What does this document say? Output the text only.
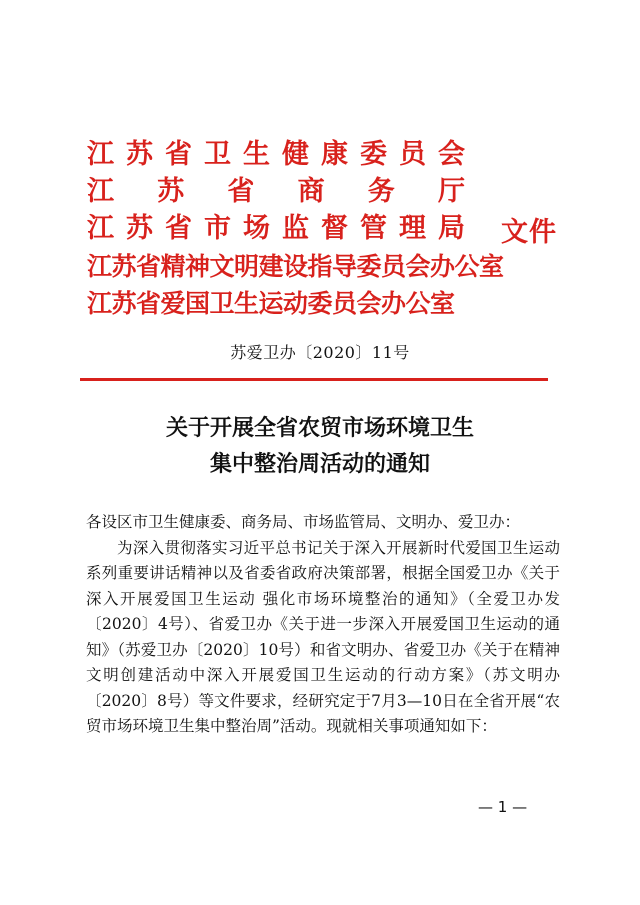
江 苏 省 卫 生 健 康 委 员 会
江 苏 省 商 务 厅
江 苏 省 市 场 监 督 管 理 局 文件
江苏省精神文明建设指导委员会办公室
江苏省爱国卫生运动委员会办公室
苏爱卫办〔2020〕11号
关于开展全省农贸市场环境卫生
集中整治周活动的通知

各设区市卫生健康委、商务局、市场监管局、文明办、爱卫办：

为深入贯彻落实习近平总书记关于深入开展新时代爱国卫生运动系列重要讲话精神以及省委省政府决策部署，根据全国爱卫办《关于深入开展爱国卫生运动 强化市场环境整治的通知》（全爱卫办发〔2020〕4号）、省爱卫办《关于进一步深入开展爱国卫生运动的通知》（苏爱卫办〔2020〕10号）和省文明办、省爱卫办《关于在精神文明创建活动中深入开展爱国卫生运动的行动方案》（苏文明办〔2020〕8号）等文件要求，经研究定于7月3—10日在全省开展“农贸市场环境卫生集中整治周”活动。现就相关事项通知如下：

— 1 —
